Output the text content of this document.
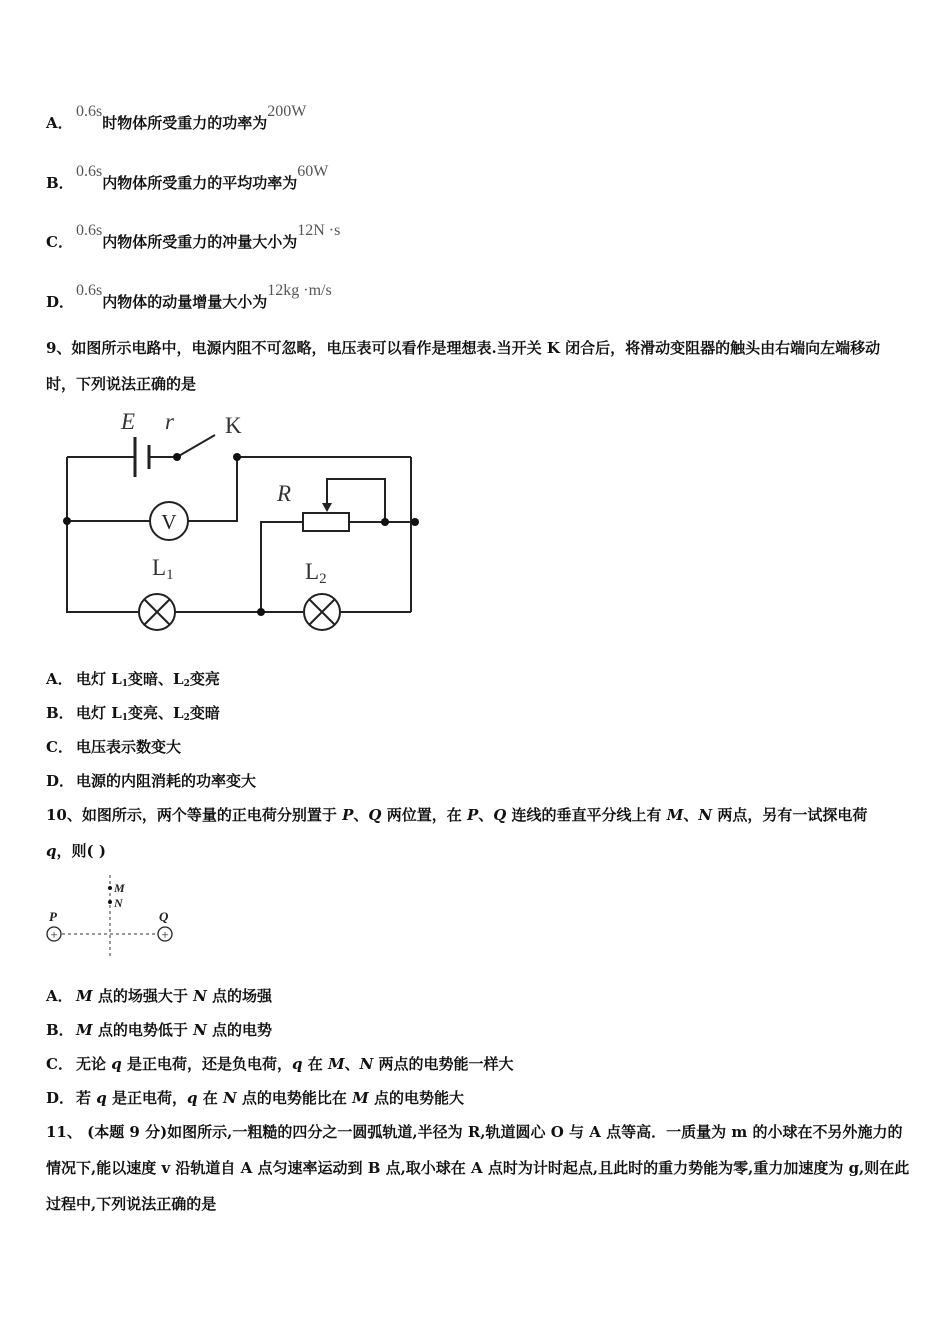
A．0.6s时物体所受重力的功率为200W
B．0.6s内物体所受重力的平均功率为60W
C．0.6s内物体所受重力的冲量大小为12N ·s
D．0.6s内物体的动量增量大小为12kg ·m/s
9、如图所示电路中，电源内阻不可忽略，电压表可以看作是理想表.当开关 K 闭合后，将滑动变阻器的触头由右端向左端移动时，下列说法正确的是
V
E r K
R
L1	L2
A． 电灯 $L_1$变暗、$L_2$变亮
B． 电灯 $L_1$变亮、$L_2$变暗
C． 电压表示数变大
D． 电源的内阻消耗的功率变大
10、如图所示，两个等量的正电荷分别置于 P、Q 两位置，在 P、Q 连线的垂直平分线上有 M、N 两点，另有一试探电荷
q，则( )
+	+
P	Q
M
N
A． M 点的场强大于 N 点的场强
B． M 点的电势低于 N 点的电势
C． 无论 q 是正电荷，还是负电荷，q 在 M、N 两点的电势能一样大
D． 若 q 是正电荷，q 在 N 点的电势能比在 M 点的电势能大
11、 (本题 9 分)如图所示,一粗糙的四分之一圆弧轨道,半径为 R,轨道圆心 O 与 A 点等高．一质量为 m 的小球在不另外施力的情况下,能以速度 v 沿轨道自 A 点匀速率运动到 B 点,取小球在 A 点时为计时起点,且此时的重力势能为零,重力加速度为 g,则在此过程中,下列说法正确的是
